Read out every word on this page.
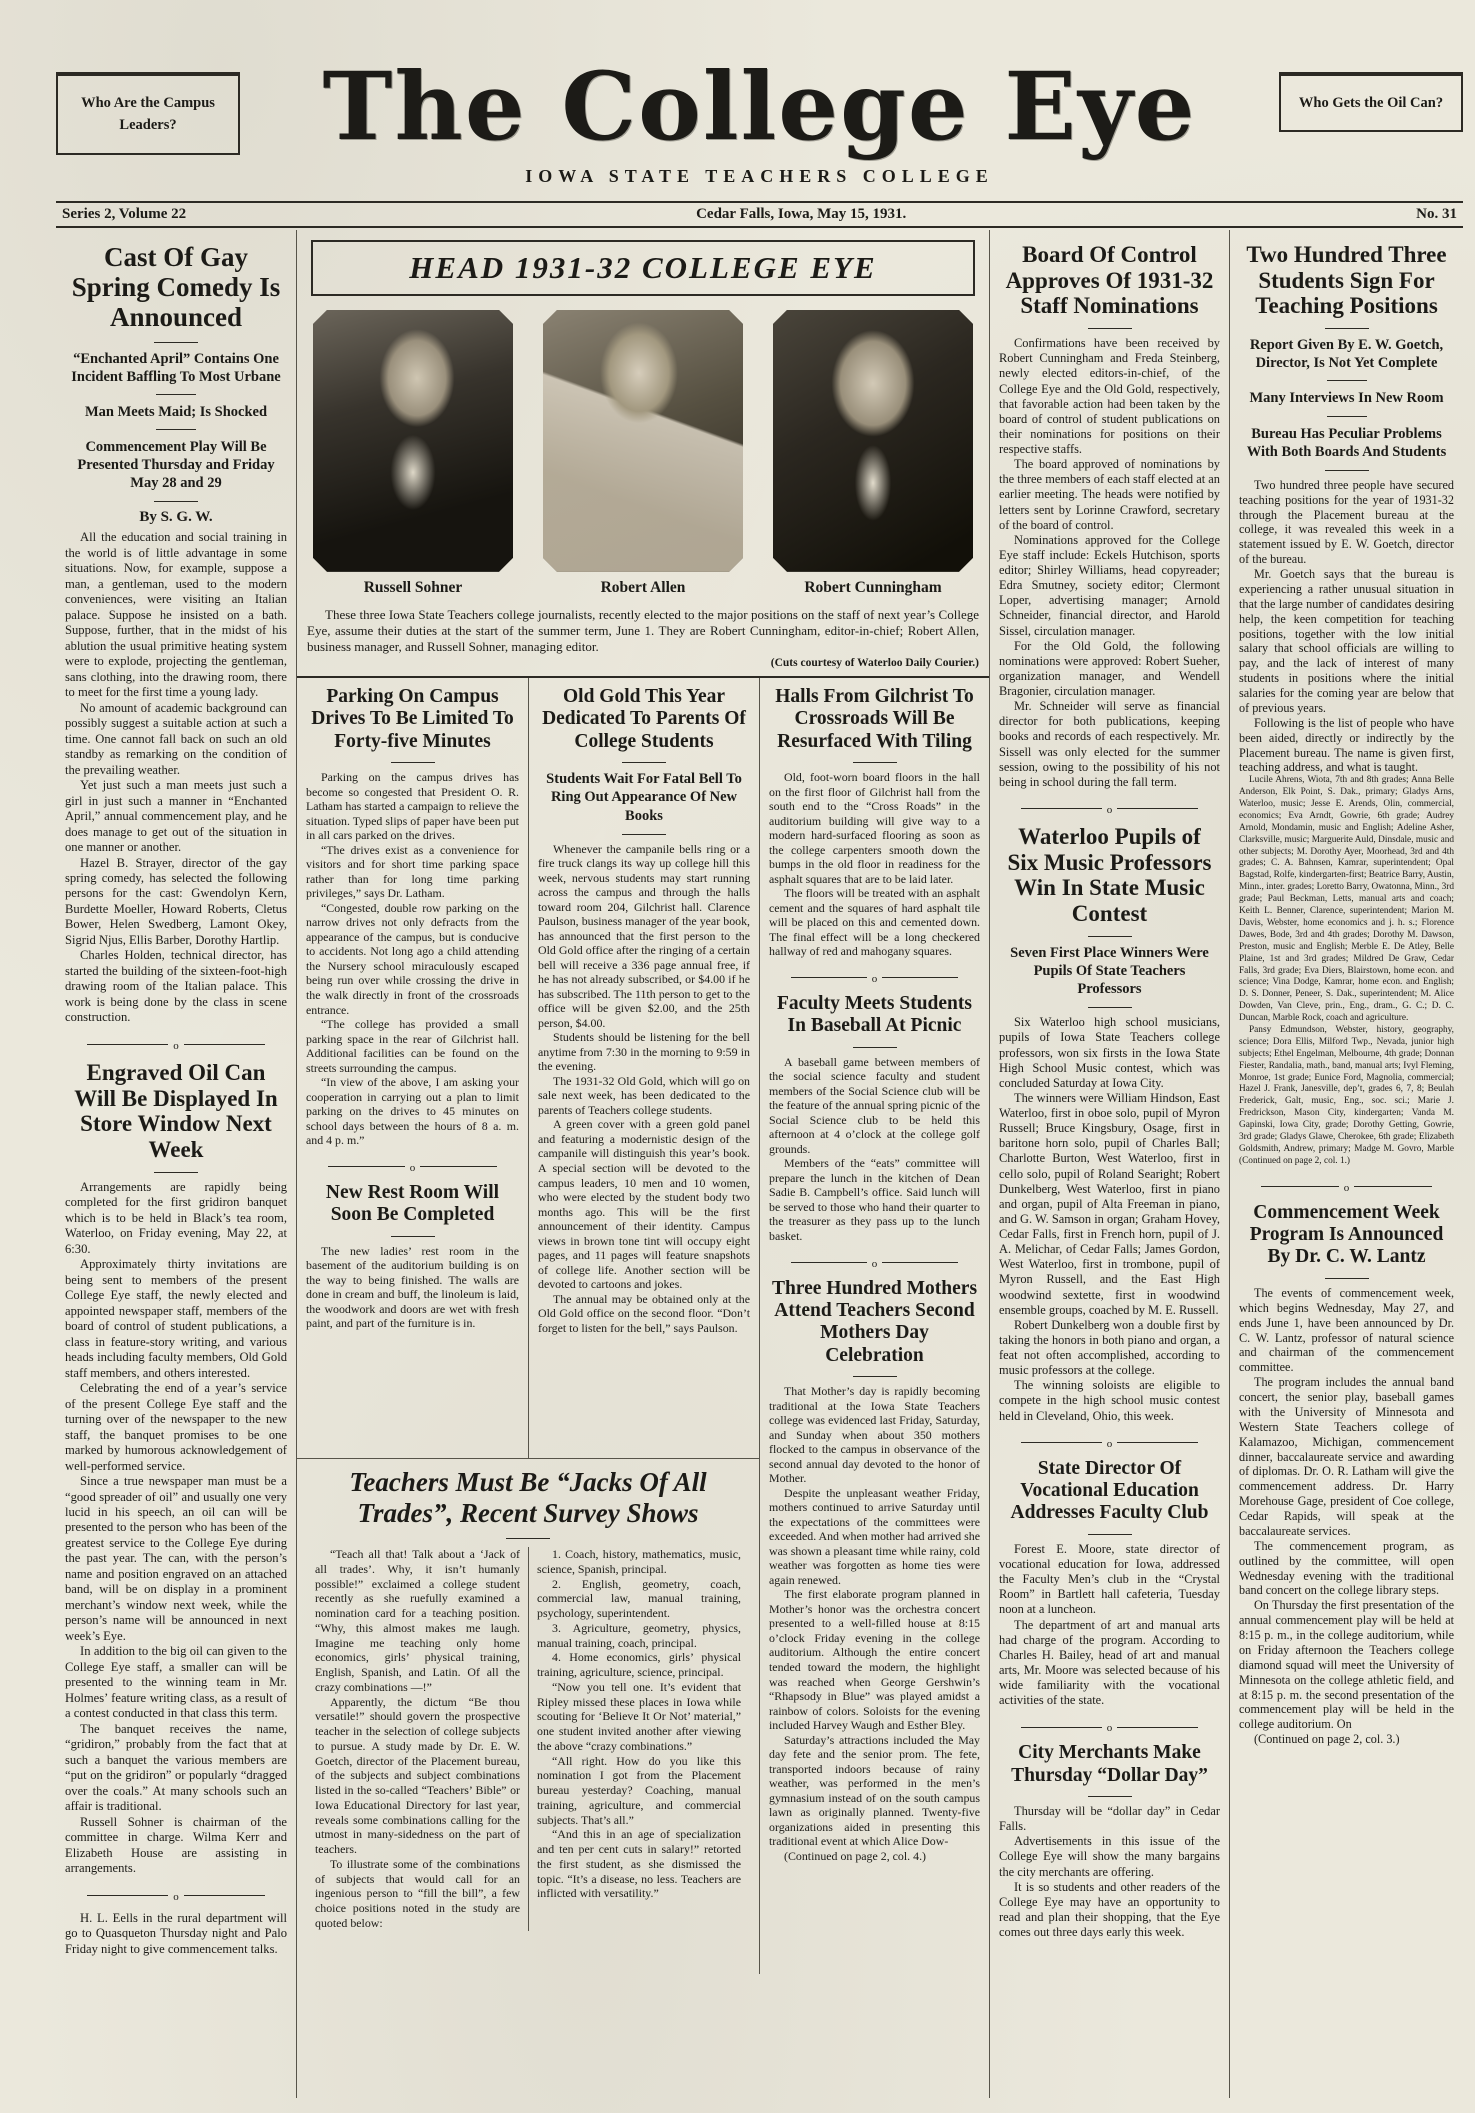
Who Are the Campus Leaders?	The College Eye
IOWA STATE TEACHERS COLLEGE
Who Gets the Oil Can?
Series 2, Volume 22	Cedar Falls, Iowa, May 15, 1931.	No. 31
Cast Of Gay Spring Comedy Is Announced

“Enchanted April” Contains One Incident Baffling To Most Urbane

Man Meets Maid; Is Shocked

Commencement Play Will Be Presented Thursday and Friday May 28 and 29

By S. G. W.

All the education and social training in the world is of little advantage in some situations. Now, for example, suppose a man, a gentleman, used to the modern conveniences, were visiting an Italian palace. Suppose he insisted on a bath. Suppose, further, that in the midst of his ablution the usual primitive heating system were to explode, projecting the gentleman, sans clothing, into the drawing room, there to meet for the first time a young lady.

No amount of academic background can possibly suggest a suitable action at such a time. One cannot fall back on such an old standby as remarking on the condition of the prevailing weather.

Yet just such a man meets just such a girl in just such a manner in “Enchanted April,” annual commencement play, and he does manage to get out of the situation in one manner or another.

Hazel B. Strayer, director of the gay spring comedy, has selected the following persons for the cast: Gwendolyn Kern, Burdette Moeller, Howard Roberts, Cletus Bower, Helen Swedberg, Lamont Okey, Sigrid Njus, Ellis Barber, Dorothy Hartlip.

Charles Holden, technical director, has started the building of the sixteen-foot-high drawing room of the Italian palace. This work is being done by the class in scene construction.

o
Engraved Oil Can Will Be Displayed In Store Window Next Week

Arrangements are rapidly being completed for the first gridiron banquet which is to be held in Black’s tea room, Waterloo, on Friday evening, May 22, at 6:30.

Approximately thirty invitations are being sent to members of the present College Eye staff, the newly elected and appointed newspaper staff, members of the board of control of student publications, a class in feature-story writing, and various heads including faculty members, Old Gold staff members, and others interested.

Celebrating the end of a year’s service of the present College Eye staff and the turning over of the newspaper to the new staff, the banquet promises to be one marked by humorous acknowledgement of well-performed service.

Since a true newspaper man must be a “good spreader of oil” and usually one very lucid in his speech, an oil can will be presented to the person who has been of the greatest service to the College Eye during the past year. The can, with the person’s name and position engraved on an attached band, will be on display in a prominent merchant’s window next week, while the person’s name will be announced in next week’s Eye.

In addition to the big oil can given to the College Eye staff, a smaller can will be presented to the winning team in Mr. Holmes’ feature writing class, as a result of a contest conducted in that class this term.

The banquet receives the name, “gridiron,” probably from the fact that at such a banquet the various members are “put on the gridiron” or popularly “dragged over the coals.” At many schools such an affair is traditional.

Russell Sohner is chairman of the committee in charge. Wilma Kerr and Elizabeth House are assisting in arrangements.

o

H. L. Eells in the rural department will go to Quasqueton Thursday night and Palo Friday night to give commencement talks.

HEAD 1931-32 COLLEGE EYE
Russell Sohner	Robert Allen	Robert Cunningham

These three Iowa State Teachers college journalists, recently elected to the major positions on the staff of next year’s College Eye, assume their duties at the start of the summer term, June 1. They are Robert Cunningham, editor-in-chief; Robert Allen, business manager, and Russell Sohner, managing editor.

(Cuts courtesy of Waterloo Daily Courier.)

Parking On Campus Drives To Be Limited To Forty-five Minutes

Parking on the campus drives has become so congested that President O. R. Latham has started a campaign to relieve the situation. Typed slips of paper have been put in all cars parked on the drives.

“The drives exist as a convenience for visitors and for short time parking space rather than for long time parking privileges,” says Dr. Latham.

“Congested, double row parking on the narrow drives not only defracts from the appearance of the campus, but is conducive to accidents. Not long ago a child attending the Nursery school miraculously escaped being run over while crossing the drive in the walk directly in front of the crossroads entrance.

“The college has provided a small parking space in the rear of Gilchrist hall. Additional facilities can be found on the streets surrounding the campus.

“In view of the above, I am asking your cooperation in carrying out a plan to limit parking on the drives to 45 minutes on school days between the hours of 8 a. m. and 4 p. m.”

o
New Rest Room Will Soon Be Completed

The new ladies’ rest room in the basement of the auditorium building is on the way to being finished. The walls are done in cream and buff, the linoleum is laid, the woodwork and doors are wet with fresh paint, and part of the furniture is in.

Old Gold This Year Dedicated To Parents Of College Students

Students Wait For Fatal Bell To Ring Out Appearance Of New Books

Whenever the campanile bells ring or a fire truck clangs its way up college hill this week, nervous students may start running across the campus and through the halls toward room 204, Gilchrist hall. Clarence Paulson, business manager of the year book, has announced that the first person to the Old Gold office after the ringing of a certain bell will receive a 336 page annual free, if he has not already subscribed, or $4.00 if he has subscribed. The 11th person to get to the office will be given $2.00, and the 25th person, $4.00.

Students should be listening for the bell anytime from 7:30 in the morning to 9:59 in the evening.

The 1931-32 Old Gold, which will go on sale next week, has been dedicated to the parents of Teachers college students.

A green cover with a green gold panel and featuring a modernistic design of the campanile will distinguish this year’s book. A special section will be devoted to the campus leaders, 10 men and 10 women, who were elected by the student body two months ago. This will be the first announcement of their identity. Campus views in brown tone tint will occupy eight pages, and 11 pages will feature snapshots of college life. Another section will be devoted to cartoons and jokes.

The annual may be obtained only at the Old Gold office on the second floor. “Don’t forget to listen for the bell,” says Paulson.

Teachers Must Be “Jacks Of All Trades”, Recent Survey Shows

“Teach all that! Talk about a ‘Jack of all trades’. Why, it isn’t humanly possible!” exclaimed a college student recently as she ruefully examined a nomination card for a teaching position. “Why, this almost makes me laugh. Imagine me teaching only home economics, girls’ physical training, English, Spanish, and Latin. Of all the crazy combinations —!”

Apparently, the dictum “Be thou versatile!” should govern the prospective teacher in the selection of college subjects to pursue. A study made by Dr. E. W. Goetch, director of the Placement bureau, of the subjects and subject combinations listed in the so-called “Teachers’ Bible” or Iowa Educational Directory for last year, reveals some combinations calling for the utmost in many-sidedness on the part of teachers.

To illustrate some of the combinations of subjects that would call for an ingenious person to “fill the bill”, a few choice positions noted in the study are quoted below:

1. Coach, history, mathematics, music, science, Spanish, principal.

2. English, geometry, coach, commercial law, manual training, psychology, superintendent.

3. Agriculture, geometry, physics, manual training, coach, principal.

4. Home economics, girls’ physical training, agriculture, science, principal.

“Now you tell one. It’s evident that Ripley missed these places in Iowa while scouting for ‘Believe It Or Not’ material,” one student invited another after viewing the above “crazy combinations.”

“All right. How do you like this nomination I got from the Placement bureau yesterday? Coaching, manual training, agriculture, and commercial subjects. That’s all.”

“And this in an age of specialization and ten per cent cuts in salary!” retorted the first student, as she dismissed the topic. “It’s a disease, no less. Teachers are inflicted with versatility.”

Halls From Gilchrist To Crossroads Will Be Resurfaced With Tiling

Old, foot-worn board floors in the hall on the first floor of Gilchrist hall from the south end to the “Cross Roads” in the auditorium building will give way to a modern hard-surfaced flooring as soon as the college carpenters smooth down the bumps in the old floor in readiness for the asphalt squares that are to be laid later.

The floors will be treated with an asphalt cement and the squares of hard asphalt tile will be placed on this and cemented down. The final effect will be a long checkered hallway of red and mahogany squares.

o
Faculty Meets Students In Baseball At Picnic

A baseball game between members of the social science faculty and student members of the Social Science club will be the feature of the annual spring picnic of the Social Science club to be held this afternoon at 4 o’clock at the college golf grounds.

Members of the “eats” committee will prepare the lunch in the kitchen of Dean Sadie B. Campbell’s office. Said lunch will be served to those who hand their quarter to the treasurer as they pass up to the lunch basket.

o
Three Hundred Mothers Attend Teachers Second Mothers Day Celebration

That Mother’s day is rapidly becoming traditional at the Iowa State Teachers college was evidenced last Friday, Saturday, and Sunday when about 350 mothers flocked to the campus in observance of the second annual day devoted to the honor of Mother.

Despite the unpleasant weather Friday, mothers continued to arrive Saturday until the expectations of the committees were exceeded. And when mother had arrived she was shown a pleasant time while rainy, cold weather was forgotten as home ties were again renewed.

The first elaborate program planned in Mother’s honor was the orchestra concert presented to a well-filled house at 8:15 o’clock Friday evening in the college auditorium. Although the entire concert tended toward the modern, the highlight was reached when George Gershwin’s “Rhapsody in Blue” was played amidst a rainbow of colors. Soloists for the evening included Harvey Waugh and Esther Bley.

Saturday’s attractions included the May day fete and the senior prom. The fete, transported indoors because of rainy weather, was performed in the men’s gymnasium instead of on the south campus lawn as originally planned. Twenty-five organizations aided in presenting this traditional event at which Alice Dow-

(Continued on page 2, col. 4.)

Board Of Control Approves Of 1931-32 Staff Nominations

Confirmations have been received by Robert Cunningham and Freda Steinberg, newly elected editors-in-chief, of the College Eye and the Old Gold, respectively, that favorable action had been taken by the board of control of student publications on their nominations for positions on their respective staffs.

The board approved of nominations by the three members of each staff elected at an earlier meeting. The heads were notified by letters sent by Lorinne Crawford, secretary of the board of control.

Nominations approved for the College Eye staff include: Eckels Hutchison, sports editor; Shirley Williams, head copyreader; Edra Smutney, society editor; Clermont Loper, advertising manager; Arnold Schneider, financial director, and Harold Sissel, circulation manager.

For the Old Gold, the following nominations were approved: Robert Sueher, organization manager, and Wendell Bragonier, circulation manager.

Mr. Schneider will serve as financial director for both publications, keeping books and records of each respectively. Mr. Sissell was only elected for the summer session, owing to the possibility of his not being in school during the fall term.

o
Waterloo Pupils of Six Music Professors Win In State Music Contest

Seven First Place Winners Were Pupils Of State Teachers Professors

Six Waterloo high school musicians, pupils of Iowa State Teachers college professors, won six firsts in the Iowa State High School Music contest, which was concluded Saturday at Iowa City.

The winners were William Hindson, East Waterloo, first in oboe solo, pupil of Myron Russell; Bruce Kingsbury, Osage, first in baritone horn solo, pupil of Charles Ball; Charlotte Burton, West Waterloo, first in cello solo, pupil of Roland Searight; Robert Dunkelberg, West Waterloo, first in piano and organ, pupil of Alta Freeman in piano, and G. W. Samson in organ; Graham Hovey, Cedar Falls, first in French horn, pupil of J. A. Melichar, of Cedar Falls; James Gordon, West Waterloo, first in trombone, pupil of Myron Russell, and the East High woodwind sextette, first in woodwind ensemble groups, coached by M. E. Russell.

Robert Dunkelberg won a double first by taking the honors in both piano and organ, a feat not often accomplished, according to music professors at the college.

The winning soloists are eligible to compete in the high school music contest held in Cleveland, Ohio, this week.

o
State Director Of Vocational Education Addresses Faculty Club

Forest E. Moore, state director of vocational education for Iowa, addressed the Faculty Men’s club in the “Crystal Room” in Bartlett hall cafeteria, Tuesday noon at a luncheon.

The department of art and manual arts had charge of the program. According to Charles H. Bailey, head of art and manual arts, Mr. Moore was selected because of his wide familiarity with the vocational activities of the state.

o
City Merchants Make Thursday “Dollar Day”

Thursday will be “dollar day” in Cedar Falls.

Advertisements in this issue of the College Eye will show the many bargains the city merchants are offering.

It is so students and other readers of the College Eye may have an opportunity to read and plan their shopping, that the Eye comes out three days early this week.

Two Hundred Three Students Sign For Teaching Positions

Report Given By E. W. Goetch, Director, Is Not Yet Complete

Many Interviews In New Room

Bureau Has Peculiar Problems With Both Boards And Students

Two hundred three people have secured teaching positions for the year of 1931-32 through the Placement bureau at the college, it was revealed this week in a statement issued by E. W. Goetch, director of the bureau.

Mr. Goetch says that the bureau is experiencing a rather unusual situation in that the large number of candidates desiring help, the keen competition for teaching positions, together with the low initial salary that school officials are willing to pay, and the lack of interest of many students in positions where the initial salaries for the coming year are below that of previous years.

Following is the list of people who have been aided, directly or indirectly by the Placement bureau. The name is given first, teaching address, and what is taught.

Lucile Ahrens, Wiota, 7th and 8th grades; Anna Belle Anderson, Elk Point, S. Dak., primary; Gladys Arns, Waterloo, music; Jesse E. Arends, Olin, commercial, economics; Eva Arndt, Gowrie, 6th grade; Audrey Arnold, Mondamin, music and English; Adeline Asher, Clarksville, music; Marguerite Auld, Dinsdale, music and other subjects; M. Dorothy Ayer, Moorhead, 3rd and 4th grades; C. A. Bahnsen, Kamrar, superintendent; Opal Bagstad, Rolfe, kindergarten-first; Beatrice Barry, Austin, Minn., inter. grades; Loretto Barry, Owatonna, Minn., 3rd grade; Paul Beckman, Letts, manual arts and coach; Keith L. Benner, Clarence, superintendent; Marion M. Davis, Webster, home economics and j. h. s.; Florence Dawes, Bode, 3rd and 4th grades; Dorothy M. Dawson, Preston, music and English; Merble E. De Atley, Belle Plaine, 1st and 3rd grades; Mildred De Graw, Cedar Falls, 3rd grade; Eva Diers, Blairstown, home econ. and science; Vina Dodge, Kamrar, home econ. and English; D. S. Donner, Peneer, S. Dak., superintendent; M. Alice Dowden, Van Cleve, prin., Eng., dram., G. C.; D. C. Duncan, Marble Rock, coach and agriculture.

Pansy Edmundson, Webster, history, geography, science; Dora Ellis, Milford Twp., Nevada, junior high subjects; Ethel Engelman, Melbourne, 4th grade; Donnan Fiester, Randalia, math., band, manual arts; Ivyl Fleming, Monroe, 1st grade; Eunice Ford, Magnolia, commercial; Hazel J. Frank, Janesville, dep’t, grades 6, 7, 8; Beulah Frederick, Galt, music, Eng., soc. sci.; Marie J. Fredrickson, Mason City, kindergarten; Vanda M. Gapinski, Iowa City, grade; Dorothy Getting, Gowrie, 3rd grade; Gladys Glawe, Cherokee, 6th grade; Elizabeth Goldsmith, Andrew, primary; Madge M. Govro, Marble (Continued on page 2, col. 1.)

o
Commencement Week Program Is Announced By Dr. C. W. Lantz

The events of commencement week, which begins Wednesday, May 27, and ends June 1, have been announced by Dr. C. W. Lantz, professor of natural science and chairman of the commencement committee.

The program includes the annual band concert, the senior play, baseball games with the University of Minnesota and Western State Teachers college of Kalamazoo, Michigan, commencement dinner, baccalaureate service and awarding of diplomas. Dr. O. R. Latham will give the commencement address. Dr. Harry Morehouse Gage, president of Coe college, Cedar Rapids, will speak at the baccalaureate services.

The commencement program, as outlined by the committee, will open Wednesday evening with the traditional band concert on the college library steps.

On Thursday the first presentation of the annual commencement play will be held at 8:15 p. m., in the college auditorium, while on Friday afternoon the Teachers college diamond squad will meet the University of Minnesota on the college athletic field, and at 8:15 p. m. the second presentation of the commencement play will be held in the college auditorium. On

(Continued on page 2, col. 3.)
